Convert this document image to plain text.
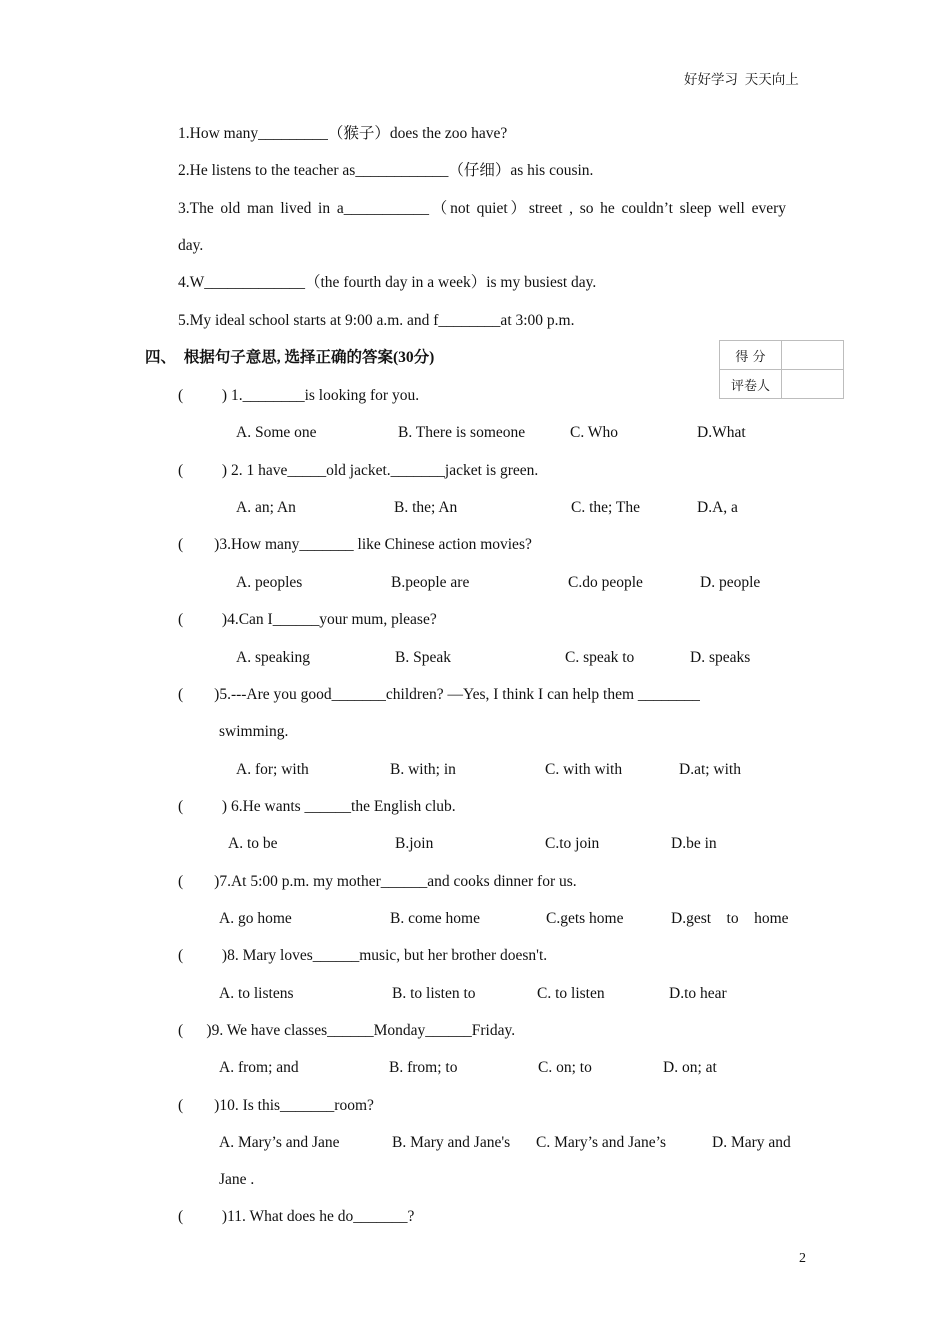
好好学习  天天向上
1.How many_________（猴子）does the zoo have?
2.He listens to the teacher as____________（仔细）as his cousin.
3.The old man lived in a___________（not quiet）street , so he couldn’t sleep well every
day.
4.W_____________（the fourth day in a week）is my busiest day.
5.My ideal school starts at 9:00 a.m. and f________at 3:00 p.m.
四、  根据句子意思, 选择正确的答案(30分)	得 分	
评卷人	
(          ) 1.________is looking for you.
A. Some one	B. There is someone	C. Who	D.What
(          ) 2. 1 have_____old jacket._______jacket is green.
A. an; An	B. the; An	C. the; The	D.A, a
(        )3.How many_______ like Chinese action movies?
A. peoples	B.people are	C.do people	D. people
(          )4.Can I______your mum, please?
A. speaking	B. Speak	C. speak to	D. speaks
(        )5.---Are you good_______children? —Yes, I think I can help them ________
swimming.
A. for; with	B. with; in	C. with with	D.at; with
(          ) 6.He wants ______the English club.
A. to be	B.join	C.to join	D.be in
(        )7.At 5:00 p.m. my mother______and cooks dinner for us.
A. go home	B. come home	C.gets home	D.gest    to    home
(          )8. Mary loves______music, but her brother doesn't.
A. to listens	B. to listen to	C. to listen	D.to hear
(      )9. We have classes______Monday______Friday.
A. from; and	B. from; to	C. on; to	D. on; at
(        )10. Is this_______room?
A. Mary’s and Jane	B. Mary and Jane's C. Mary’s and Jane’s	D. Mary and
Jane .
(          )11. What does he do_______?
2
